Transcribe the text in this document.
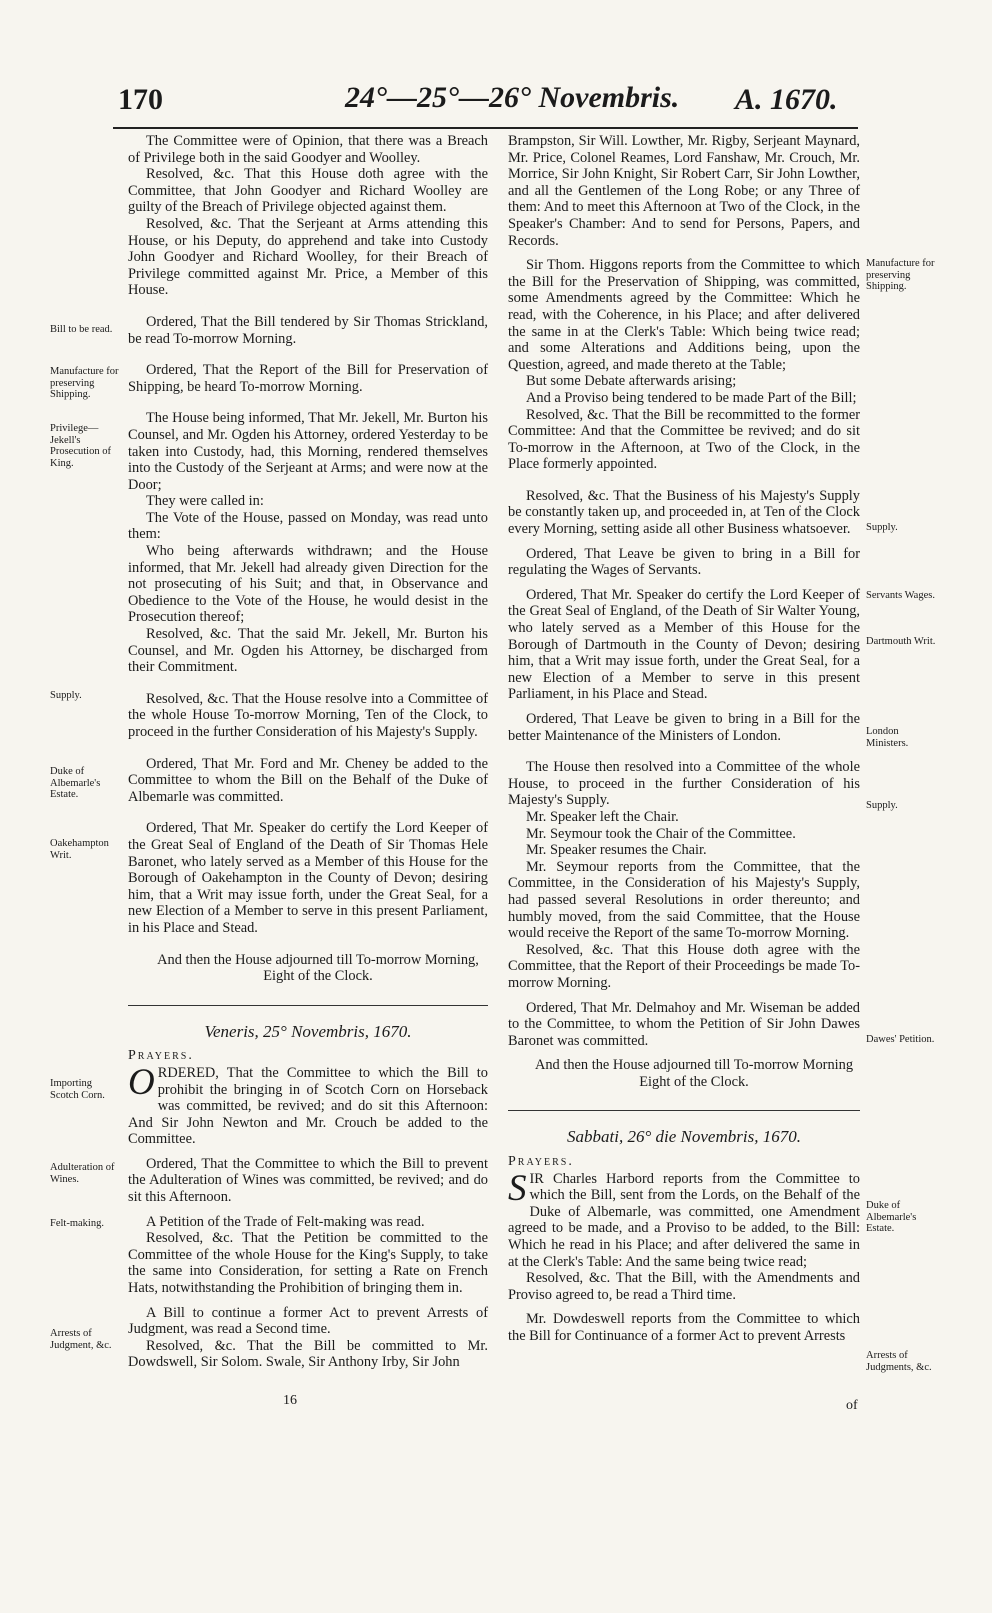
170	24°—25°—26° Novembris. A. 1670.

The Committee were of Opinion, that there was a Breach of Privilege both in the said Goodyer and Woolley.

Resolved, &c. That this House doth agree with the Committee, that John Goodyer and Richard Woolley are guilty of the Breach of Privilege objected against them.

Resolved, &c. That the Serjeant at Arms attending this House, or his Deputy, do apprehend and take into Custody John Goodyer and Richard Woolley, for their Breach of Privilege committed against Mr. Price, a Member of this House.

Ordered, That the Bill tendered by Sir Thomas Strickland, be read To-morrow Morning.

Ordered, That the Report of the Bill for Preservation of Shipping, be heard To-morrow Morning.

The House being informed, That Mr. Jekell, Mr. Burton his Counsel, and Mr. Ogden his Attorney, ordered Yesterday to be taken into Custody, had, this Morning, rendered themselves into the Custody of the Serjeant at Arms; and were now at the Door;

They were called in:

The Vote of the House, passed on Monday, was read unto them:

Who being afterwards withdrawn; and the House informed, that Mr. Jekell had already given Direction for the not prosecuting of his Suit; and that, in Observance and Obedience to the Vote of the House, he would desist in the Prosecution thereof;

Resolved, &c. That the said Mr. Jekell, Mr. Burton his Counsel, and Mr. Ogden his Attorney, be discharged from their Commitment.

Resolved, &c. That the House resolve into a Committee of the whole House To-morrow Morning, Ten of the Clock, to proceed in the further Consideration of his Majesty's Supply.

Ordered, That Mr. Ford and Mr. Cheney be added to the Committee to whom the Bill on the Behalf of the Duke of Albemarle was committed.

Ordered, That Mr. Speaker do certify the Lord Keeper of the Great Seal of England of the Death of Sir Thomas Hele Baronet, who lately served as a Member of this House for the Borough of Oakehampton in the County of Devon; desiring him, that a Writ may issue forth, under the Great Seal, for a new Election of a Member to serve in this present Parliament, in his Place and Stead.

And then the House adjourned till To-morrow Morning, Eight of the Clock.

Veneris, 25° Novembris, 1670.

Prayers.

ORDERED, That the Committee to which the Bill to prohibit the bringing in of Scotch Corn on Horseback was committed, be revived; and do sit this Afternoon: And Sir John Newton and Mr. Crouch be added to the Committee.

Ordered, That the Committee to which the Bill to prevent the Adulteration of Wines was committed, be revived; and do sit this Afternoon.

A Petition of the Trade of Felt-making was read.

Resolved, &c. That the Petition be committed to the Committee of the whole House for the King's Supply, to take the same into Consideration, for setting a Rate on French Hats, notwithstanding the Prohibition of bringing them in.

A Bill to continue a former Act to prevent Arrests of Judgment, was read a Second time.

Resolved, &c. That the Bill be committed to Mr. Dowdswell, Sir Solom. Swale, Sir Anthony Irby, Sir John

Brampston, Sir Will. Lowther, Mr. Rigby, Serjeant Maynard, Mr. Price, Colonel Reames, Lord Fanshaw, Mr. Crouch, Mr. Morrice, Sir John Knight, Sir Robert Carr, Sir John Lowther, and all the Gentlemen of the Long Robe; or any Three of them: And to meet this Afternoon at Two of the Clock, in the Speaker's Chamber: And to send for Persons, Papers, and Records.

Sir Thom. Higgons reports from the Committee to which the Bill for the Preservation of Shipping, was committed, some Amendments agreed by the Committee: Which he read, with the Coherence, in his Place; and after delivered the same in at the Clerk's Table: Which being twice read; and some Alterations and Additions being, upon the Question, agreed, and made thereto at the Table;

But some Debate afterwards arising;

And a Proviso being tendered to be made Part of the Bill;

Resolved, &c. That the Bill be recommitted to the former Committee: And that the Committee be revived; and do sit To-morrow in the Afternoon, at Two of the Clock, in the Place formerly appointed.

Resolved, &c. That the Business of his Majesty's Supply be constantly taken up, and proceeded in, at Ten of the Clock every Morning, setting aside all other Business whatsoever.

Ordered, That Leave be given to bring in a Bill for regulating the Wages of Servants.

Ordered, That Mr. Speaker do certify the Lord Keeper of the Great Seal of England, of the Death of Sir Walter Young, who lately served as a Member of this House for the Borough of Dartmouth in the County of Devon; desiring him, that a Writ may issue forth, under the Great Seal, for a new Election of a Member to serve in this present Parliament, in his Place and Stead.

Ordered, That Leave be given to bring in a Bill for the better Maintenance of the Ministers of London.

The House then resolved into a Committee of the whole House, to proceed in the further Consideration of his Majesty's Supply.

Mr. Speaker left the Chair.

Mr. Seymour took the Chair of the Committee.

Mr. Speaker resumes the Chair.

Mr. Seymour reports from the Committee, that the Committee, in the Consideration of his Majesty's Supply, had passed several Resolutions in order thereunto; and humbly moved, from the said Committee, that the House would receive the Report of the same To-morrow Morning.

Resolved, &c. That this House doth agree with the Committee, that the Report of their Proceedings be made To-morrow Morning.

Ordered, That Mr. Delmahoy and Mr. Wiseman be added to the Committee, to whom the Petition of Sir John Dawes Baronet was committed.

And then the House adjourned till To-morrow Morning Eight of the Clock.

Sabbati, 26° die Novembris, 1670.

Prayers.

SIR Charles Harbord reports from the Committee to which the Bill, sent from the Lords, on the Behalf of the Duke of Albemarle, was committed, one Amendment agreed to be made, and a Proviso to be added, to the Bill: Which he read in his Place; and after delivered the same in at the Clerk's Table: And the same being twice read;

Resolved, &c. That the Bill, with the Amendments and Proviso agreed to, be read a Third time.

Mr. Dowdeswell reports from the Committee to which the Bill for Continuance of a former Act to prevent Arrests

Bill to be read.
Manufacture for preserving Shipping.
Privilege— Jekell's Prosecution of King.
Supply.
Duke of Albemarle's Estate.
Oakehampton Writ.
Importing Scotch Corn.
Adulteration of Wines.
Felt-making.
Arrests of Judgment, &c.
Manufacture for preserving Shipping.
Supply.
Servants Wages.
Dartmouth Writ.
London Ministers.
Supply.
Dawes' Petition.
Duke of Albemarle's Estate.
Arrests of Judgments, &c.
16	of
